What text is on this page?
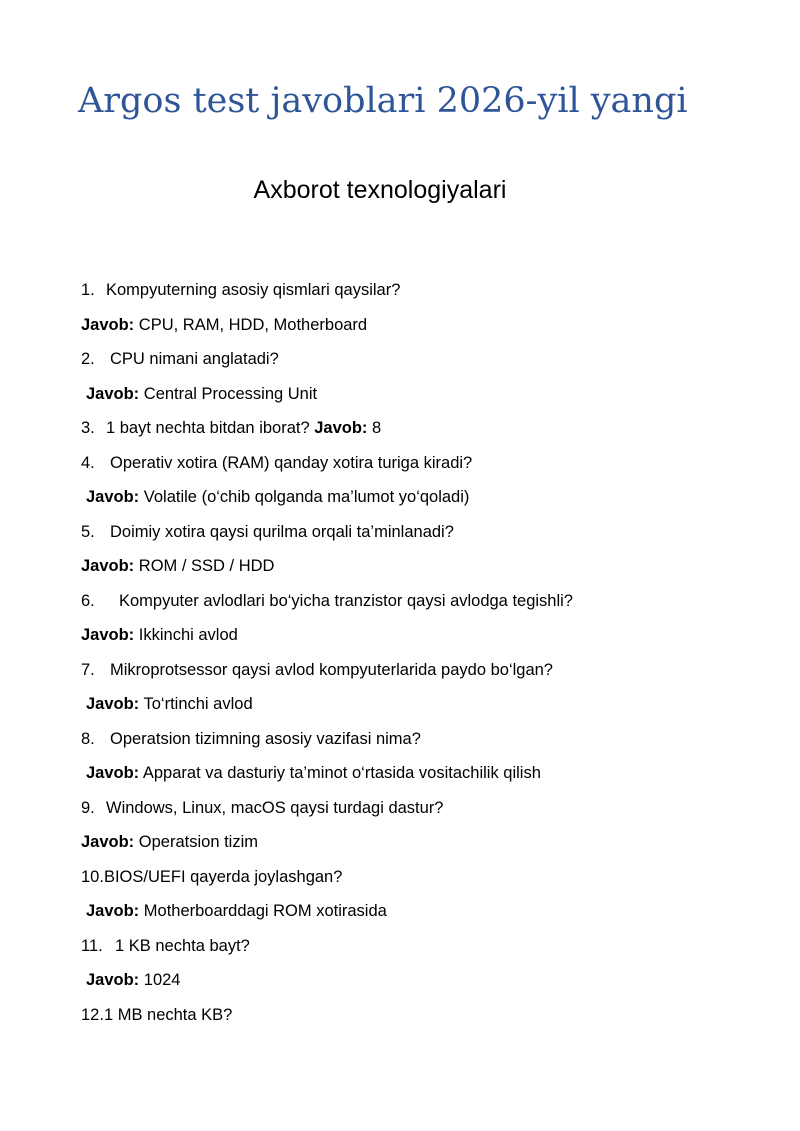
Argos test javoblari 2026-yil yangi
Axborot texnologiyalari
1. Kompyuterning asosiy qismlari qaysilar?
Javob: CPU, RAM, HDD, Motherboard
2. CPU nimani anglatadi?
Javob: Central Processing Unit
3. 1 bayt nechta bitdan iborat? Javob: 8
4. Operativ xotira (RAM) qanday xotira turiga kiradi?
Javob: Volatile (o‘chib qolganda ma’lumot yo‘qoladi)
5. Doimiy xotira qaysi qurilma orqali ta’minlanadi?
Javob: ROM / SSD / HDD
6. Kompyuter avlodlari bo‘yicha tranzistor qaysi avlodga tegishli?
Javob: Ikkinchi avlod
7. Mikroprotsessor qaysi avlod kompyuterlarida paydo bo‘lgan?
Javob: To‘rtinchi avlod
8. Operatsion tizimning asosiy vazifasi nima?
Javob: Apparat va dasturiy ta’minot o‘rtasida vositachilik qilish
9. Windows, Linux, macOS qaysi turdagi dastur?
Javob: Operatsion tizim
10.BIOS/UEFI qayerda joylashgan?
Javob: Motherboarddagi ROM xotirasida
11. 1 KB nechta bayt?
Javob: 1024
12.1 MB nechta KB?
